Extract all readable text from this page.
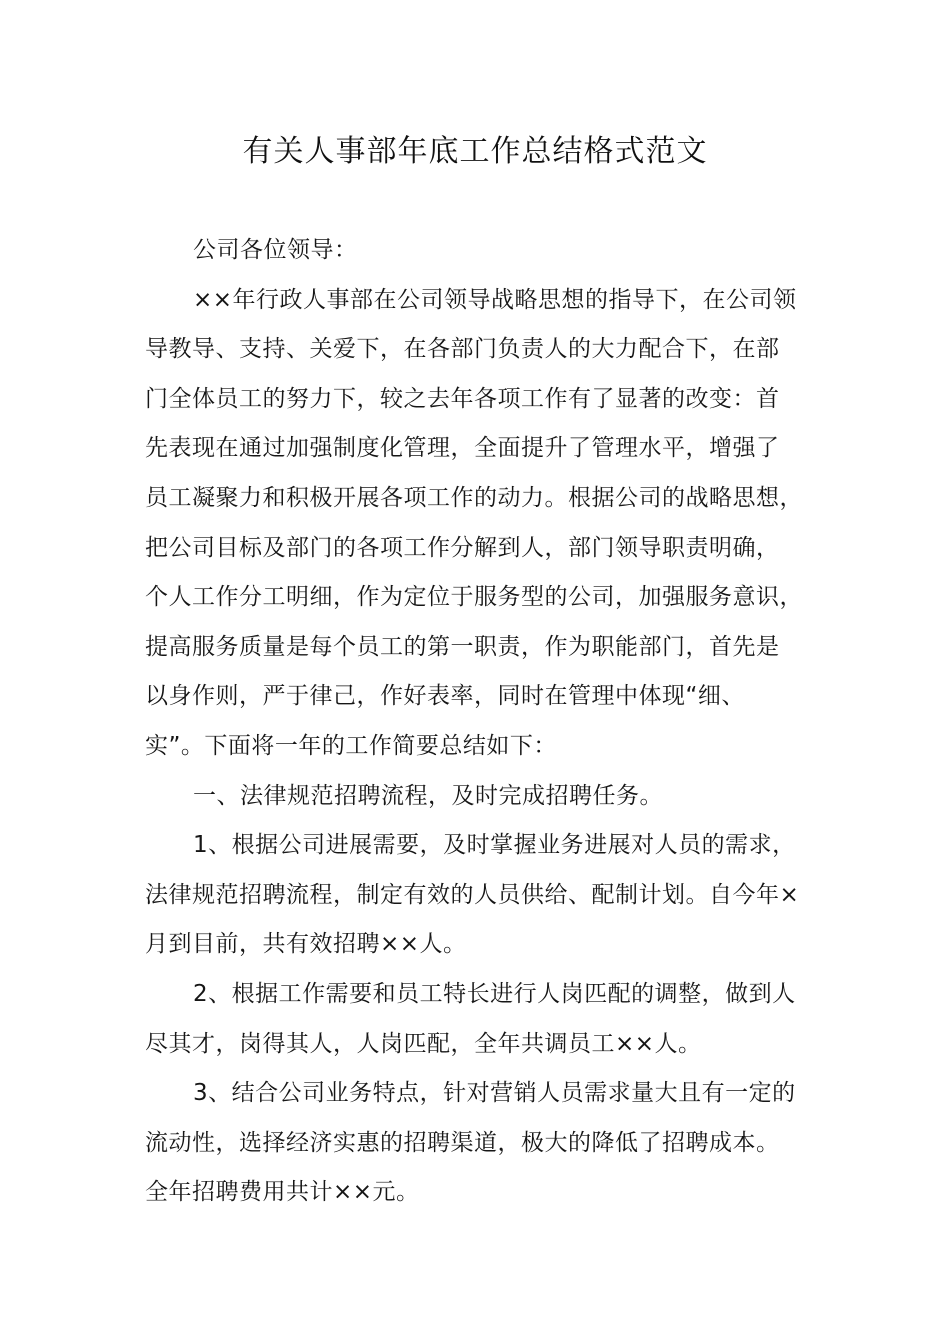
有关人事部年底工作总结格式范文
公司各位领导：
××年行政人事部在公司领导战略思想的指导下，在公司领
导教导、支持、关爱下，在各部门负责人的大力配合下，在部
门全体员工的努力下，较之去年各项工作有了显著的改变：首
先表现在通过加强制度化管理，全面提升了管理水平，增强了
员工凝聚力和积极开展各项工作的动力。根据公司的战略思想，
把公司目标及部门的各项工作分解到人，部门领导职责明确，
个人工作分工明细，作为定位于服务型的公司，加强服务意识，
提高服务质量是每个员工的第一职责，作为职能部门，首先是
以身作则，严于律己，作好表率，同时在管理中体现“细、
实”。下面将一年的工作简要总结如下：
一、法律规范招聘流程，及时完成招聘任务。
1、根据公司进展需要，及时掌握业务进展对人员的需求，
法律规范招聘流程，制定有效的人员供给、配制计划。自今年×
月到目前，共有效招聘××人。
2、根据工作需要和员工特长进行人岗匹配的调整，做到人
尽其才，岗得其人，人岗匹配，全年共调员工××人。
3、结合公司业务特点，针对营销人员需求量大且有一定的
流动性，选择经济实惠的招聘渠道，极大的降低了招聘成本。
全年招聘费用共计××元。
